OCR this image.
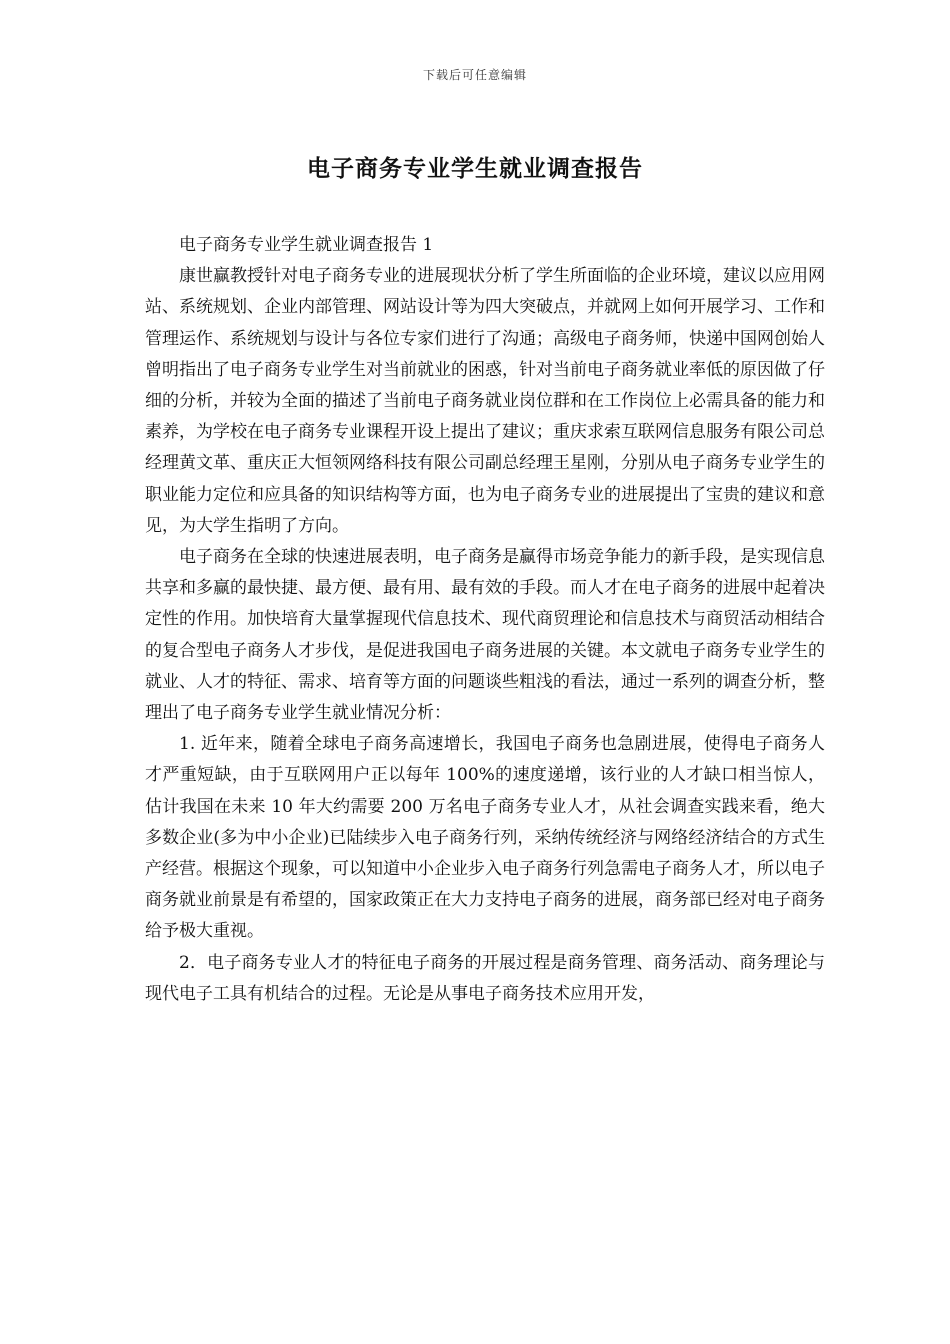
下载后可任意编辑
电子商务专业学生就业调查报告

电子商务专业学生就业调查报告 1

康世赢教授针对电子商务专业的进展现状分析了学生所面临的企业环境，建议以应用网站、系统规划、企业内部管理、网站设计等为四大突破点，并就网上如何开展学习、工作和管理运作、系统规划与设计与各位专家们进行了沟通；高级电子商务师，快递中国网创始人曾明指出了电子商务专业学生对当前就业的困惑，针对当前电子商务就业率低的原因做了仔细的分析，并较为全面的描述了当前电子商务就业岗位群和在工作岗位上必需具备的能力和素养，为学校在电子商务专业课程开设上提出了建议；重庆求索互联网信息服务有限公司总经理黄文革、重庆正大恒领网络科技有限公司副总经理王星刚，分别从电子商务专业学生的职业能力定位和应具备的知识结构等方面，也为电子商务专业的进展提出了宝贵的建议和意见，为大学生指明了方向。

电子商务在全球的快速进展表明，电子商务是赢得市场竞争能力的新手段，是实现信息共享和多赢的最快捷、最方便、最有用、最有效的手段。而人才在电子商务的进展中起着决定性的作用。加快培育大量掌握现代信息技术、现代商贸理论和信息技术与商贸活动相结合的复合型电子商务人才步伐，是促进我国电子商务进展的关键。本文就电子商务专业学生的就业、人才的特征、需求、培育等方面的问题谈些粗浅的看法，通过一系列的调查分析，整理出了电子商务专业学生就业情况分析：

1. 近年来，随着全球电子商务高速增长，我国电子商务也急剧进展，使得电子商务人才严重短缺，由于互联网用户正以每年 100%的速度递增，该行业的人才缺口相当惊人，估计我国在未来 10 年大约需要 200 万名电子商务专业人才，从社会调查实践来看，绝大多数企业(多为中小企业)已陆续步入电子商务行列，采纳传统经济与网络经济结合的方式生产经营。根据这个现象，可以知道中小企业步入电子商务行列急需电子商务人才，所以电子商务就业前景是有希望的，国家政策正在大力支持电子商务的进展，商务部已经对电子商务给予极大重视。

2．电子商务专业人才的特征电子商务的开展过程是商务管理、商务活动、商务理论与现代电子工具有机结合的过程。无论是从事电子商务技术应用开发，
